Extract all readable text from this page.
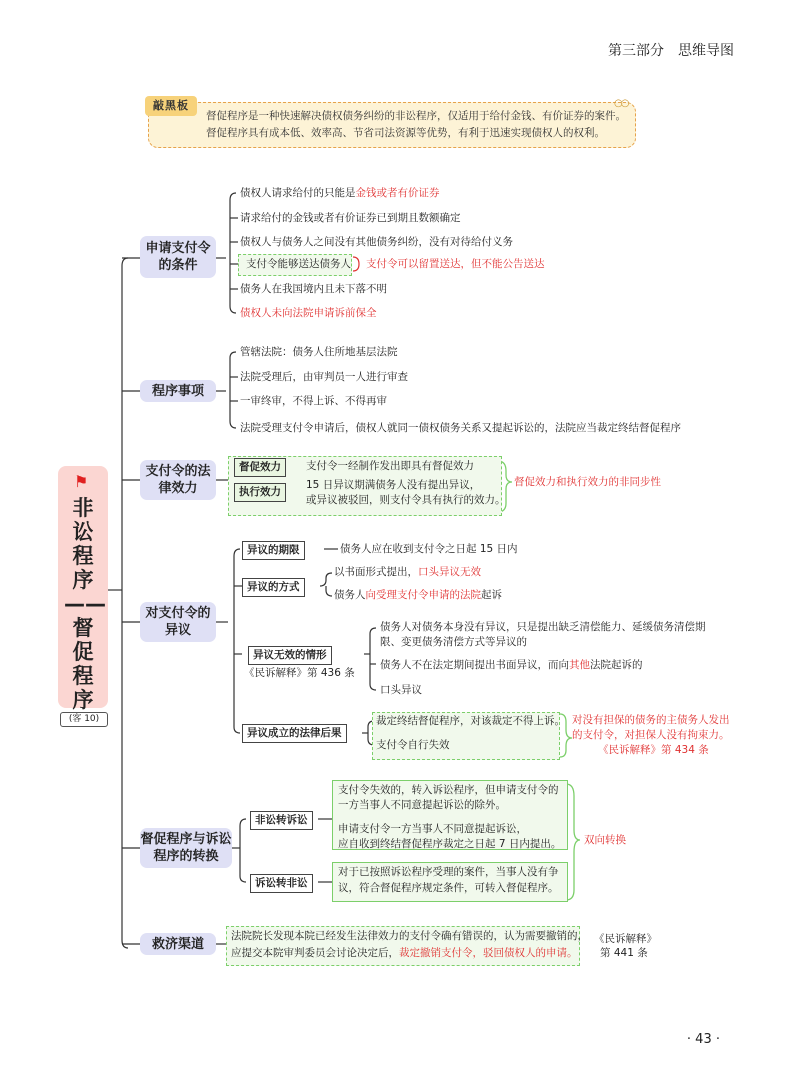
第三部分　思维导图
敲黑板	○○
督促程序是一种快速解决债权债务纠纷的非讼程序，仅适用于给付金钱、有价证券的案件。
督促程序具有成本低、效率高、节省司法资源等优势，有利于迅速实现债权人的权利。
⚑
非讼程序——督促程序
(客 10)
申请支付令的条件
债权人请求给付的只能是金钱或者有价证券
请求给付的金钱或者有价证券已到期且数额确定
债权人与债务人之间没有其他债务纠纷，没有对待给付义务
支付令能够送达债务人 支付令可以留置送达，但不能公告送达
债务人在我国境内且未下落不明
债权人未向法院申请诉前保全
程序事项
管辖法院：债务人住所地基层法院
法院受理后，由审判员一人进行审查
一审终审，不得上诉、不得再审
法院受理支付令申请后，债权人就同一债权债务关系又提起诉讼的，法院应当裁定终结督促程序
支付令的法律效力
督促效力	支付令一经制作发出即具有督促效力
执行效力
15 日异议期满债务人没有提出异议，
或异议被驳回，则支付令具有执行的效力。
督促效力和执行效力的非同步性
对支付令的异议
异议的期限	债务人应在收到支付令之日起 15 日内
异议的方式
以书面形式提出，口头异议无效
债务人向受理支付令申请的法院起诉
异议无效的情形
《民诉解释》第 436 条
债务人对债务本身没有异议，只是提出缺乏清偿能力、延缓债务清偿期
限、变更债务清偿方式等异议的
债务人不在法定期间提出书面异议，而向其他法院起诉的
口头异议
异议成立的法律后果
裁定终结督促程序，对该裁定不得上诉。
支付令自行失效
对没有担保的债务的主债务人发出
的支付令，对担保人没有拘束力。
《民诉解释》第 434 条
督促程序与诉讼程序的转换
非讼转诉讼
诉讼转非讼
支付令失效的，转入诉讼程序，但申请支付令的
一方当事人不同意提起诉讼的除外。
申请支付令一方当事人不同意提起诉讼，
应自收到终结督促程序裁定之日起 7 日内提出。
对于已按照诉讼程序受理的案件，当事人没有争
议，符合督促程序规定条件，可转入督促程序。
双向转换
救济渠道
法院院长发现本院已经发生法律效力的支付令确有错误的，认为需要撤销的，
应提交本院审判委员会讨论决定后，裁定撤销支付令，驳回债权人的申请。
《民诉解释》
第 441 条
· 43 ·
